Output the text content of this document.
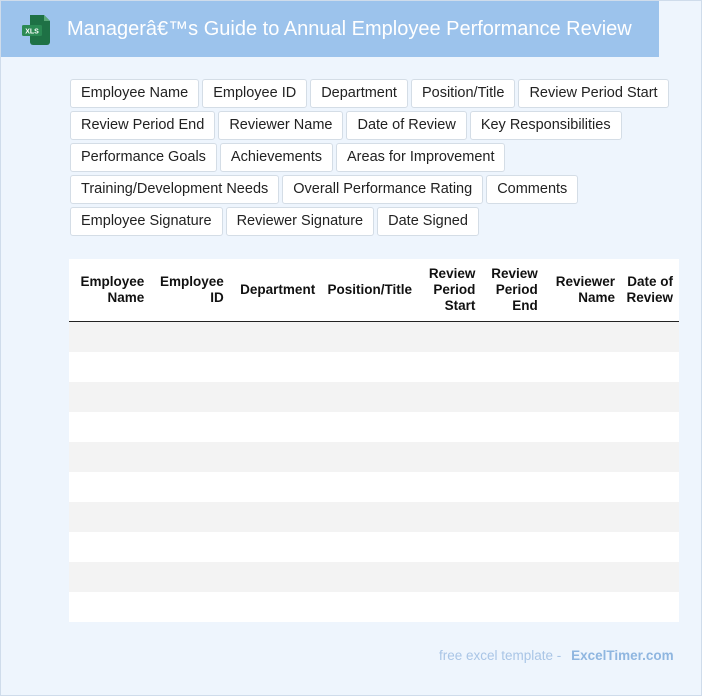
XLS Managerâ€™s Guide to Annual Employee Performance Review
Employee Name	Employee ID	Department	Position/Title	Review Period Start
Review Period End	Reviewer Name	Date of Review	Key Responsibilities
Performance Goals	Achievements	Areas for Improvement
Training/Development Needs	Overall Performance Rating	Comments
Employee Signature	Reviewer Signature	Date Signed
Employee Name	Employee ID	Department	Position/Title	Review Period Start	Review Period End	Reviewer Name	Date of Review

free excel template - ExcelTimer.com
